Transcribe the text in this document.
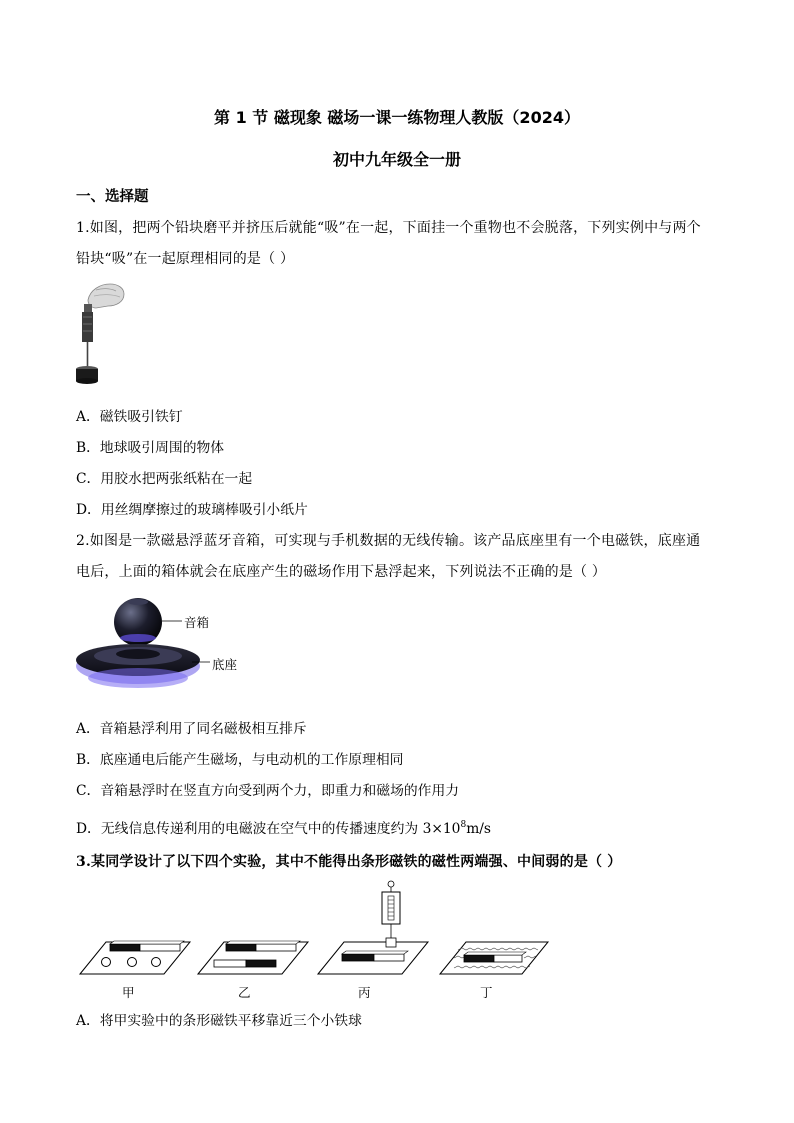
第 1 节 磁现象 磁场一课一练物理人教版（2024）
初中九年级全一册
一、选择题
1.如图，把两个铅块磨平并挤压后就能“吸”在一起，下面挂一个重物也不会脱落，下列实例中与两个
铅块“吸”在一起原理相同的是（ ）
A．磁铁吸引铁钉
B．地球吸引周围的物体
C．用胶水把两张纸粘在一起
D．用丝绸摩擦过的玻璃棒吸引小纸片
2.如图是一款磁悬浮蓝牙音箱，可实现与手机数据的无线传输。该产品底座里有一个电磁铁，底座通
电后，上面的箱体就会在底座产生的磁场作用下悬浮起来，下列说法不正确的是（ ）
音箱
底座
A．音箱悬浮利用了同名磁极相互排斥
B．底座通电后能产生磁场，与电动机的工作原理相同
C．音箱悬浮时在竖直方向受到两个力，即重力和磁场的作用力
D．无线信息传递利用的电磁波在空气中的传播速度约为 $3\times 10^8m/s$
3.某同学设计了以下四个实验，其中不能得出条形磁铁的磁性两端强、中间弱的是（ ）
甲	乙	丙	丁
A．将甲实验中的条形磁铁平移靠近三个小铁球
